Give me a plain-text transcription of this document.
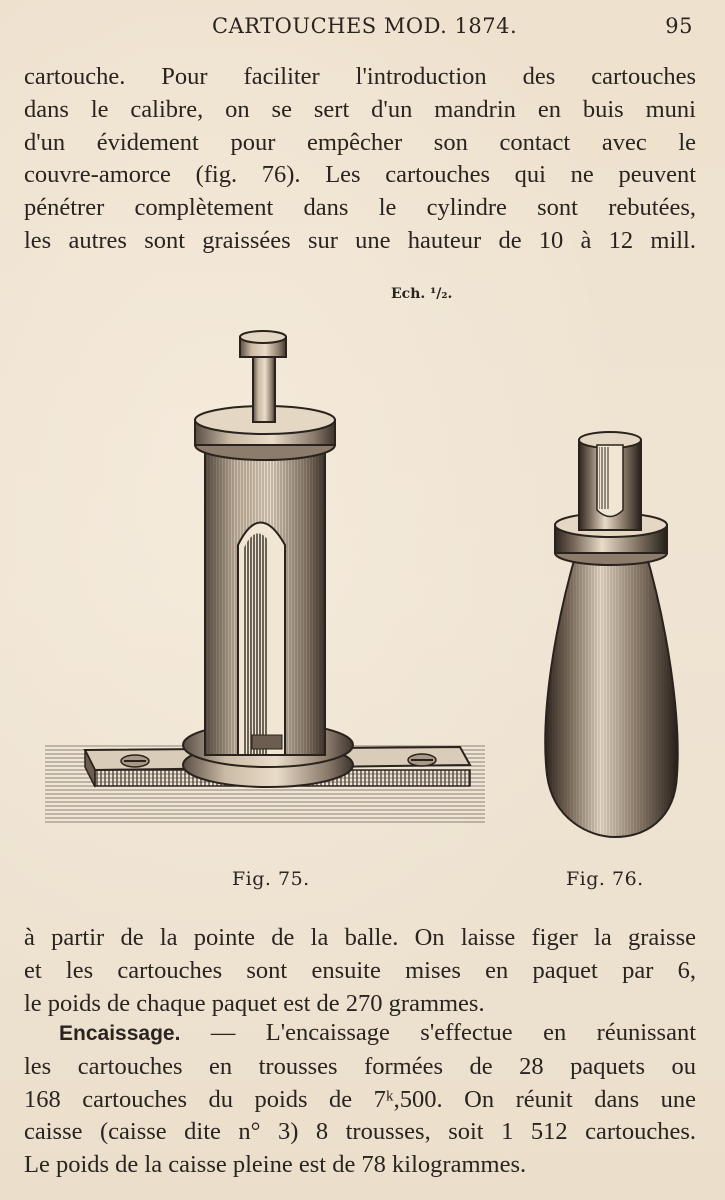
CARTOUCHES MOD. 1874.	95
cartouche. Pour faciliter l'introduction des cartouches
dans le calibre, on se sert d'un mandrin en buis muni
d'un évidement pour empêcher son contact avec le
couvre-amorce (fig. 76). Les cartouches qui ne peuvent
pénétrer complètement dans le cylindre sont rebutées,
les autres sont graissées sur une hauteur de 10 à 12 mill.
Ech. ¹/₂.
Fig. 75.	Fig. 76.
à partir de la pointe de la balle. On laisse figer la graisse
et les cartouches sont ensuite mises en paquet par 6,
le poids de chaque paquet est de 270 grammes.
Encaissage. — L'encaissage s'effectue en réunissant
les cartouches en trousses formées de 28 paquets ou
168 cartouches du poids de 7ᵏ,500. On réunit dans une
caisse (caisse dite n° 3) 8 trousses, soit 1 512 cartouches.
Le poids de la caisse pleine est de 78 kilogrammes.
